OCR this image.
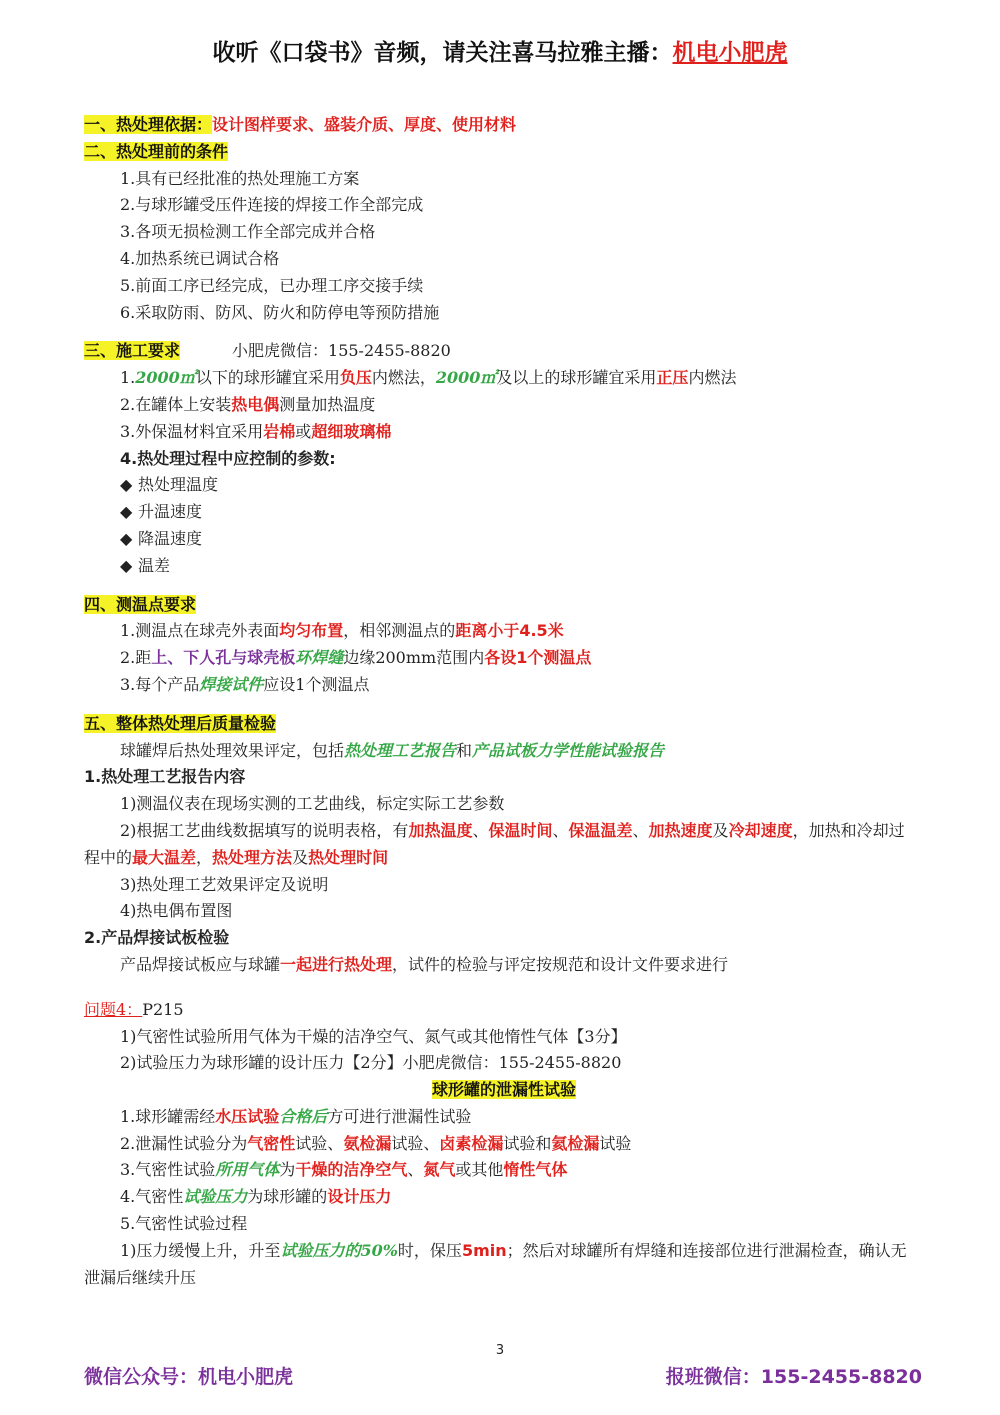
收听《口袋书》音频，请关注喜马拉雅主播：机电小肥虎
一、热处理依据：设计图样要求、盛装介质、厚度、使用材料
二、热处理前的条件
1.具有已经批准的热处理施工方案
2.与球形罐受压件连接的焊接工作全部完成
3.各项无损检测工作全部完成并合格
4.加热系统已调试合格
5.前面工序已经完成，已办理工序交接手续
6.采取防雨、防风、防火和防停电等预防措施
三、施工要求	小肥虎微信：155-2455-8820
1.2000㎡以下的球形罐宜采用负压内燃法，2000㎡及以上的球形罐宜采用正压内燃法
2.在罐体上安装热电偶测量加热温度
3.外保温材料宜采用岩棉或超细玻璃棉
4.热处理过程中应控制的参数:
◆ 热处理温度
◆ 升温速度
◆ 降温速度
◆ 温差
四、测温点要求
1.测温点在球壳外表面均匀布置，相邻测温点的距离小于4.5米
2.距上、下人孔与球壳板环焊缝边缘200mm范围内各设1个测温点
3.每个产品焊接试件应设1个测温点
五、整体热处理后质量检验
球罐焊后热处理效果评定，包括热处理工艺报告和产品试板力学性能试验报告
1.热处理工艺报告内容
1)测温仪表在现场实测的工艺曲线，标定实际工艺参数
2)根据工艺曲线数据填写的说明表格，有加热温度、保温时间、保温温差、加热速度及冷却速度，加热和冷却过程中的最大温差，热处理方法及热处理时间
3)热处理工艺效果评定及说明
4)热电偶布置图
2.产品焊接试板检验
产品焊接试板应与球罐一起进行热处理，试件的检验与评定按规范和设计文件要求进行
问题4：P215
1)气密性试验所用气体为干燥的洁净空气、氮气或其他惰性气体【3分】
2)试验压力为球形罐的设计压力【2分】小肥虎微信：155-2455-8820
球形罐的泄漏性试验
1.球形罐需经水压试验合格后方可进行泄漏性试验
2.泄漏性试验分为气密性试验、氨检漏试验、卤素检漏试验和氦检漏试验
3.气密性试验所用气体为干燥的洁净空气、氮气或其他惰性气体
4.气密性试验压力为球形罐的设计压力
5.气密性试验过程
1)压力缓慢上升，升至试验压力的50%时，保压5min；然后对球罐所有焊缝和连接部位进行泄漏检查，确认无泄漏后继续升压
3
微信公众号：机电小肥虎	报班微信：155-2455-8820
